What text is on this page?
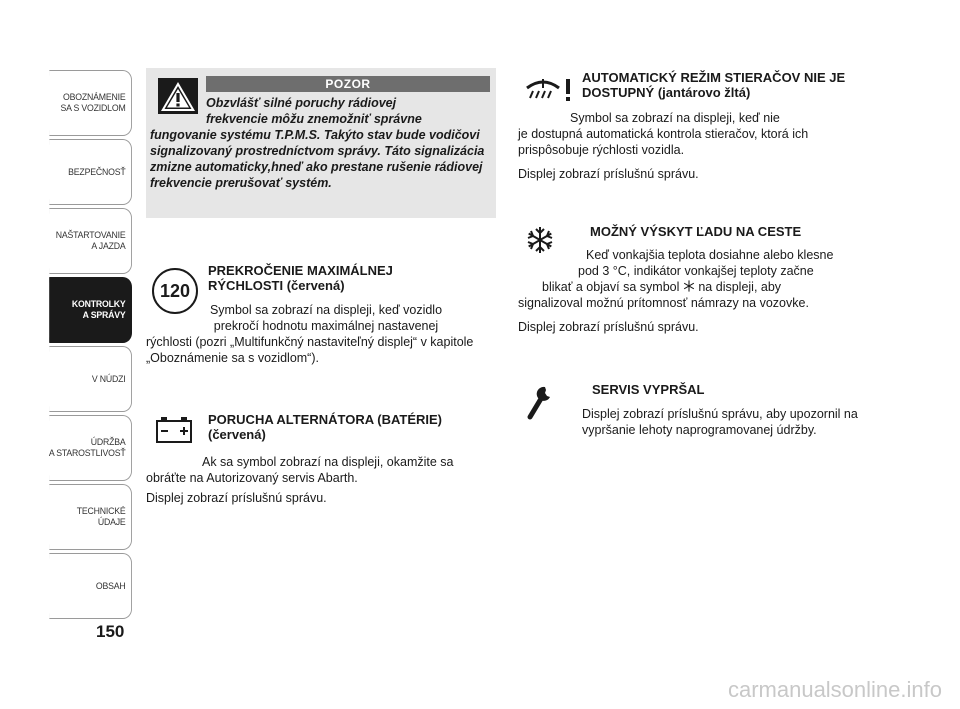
OBOZNÁMENIE
SA S VOZIDLOM
BEZPEČNOSŤ
NAŠTARTOVANIE
A JAZDA
KONTROLKY
A SPRÁVY
V NÚDZI
ÚDRŽBA
A STAROSTLIVOSŤ
TECHNICKÉ
ÚDAJE
OBSAH
150
POZOR
Obzvlášť silné poruchy rádiovej
frekvencie môžu znemožniť správne
fungovanie systému T.P.M.S. Takýto stav bude vodičovi signalizovaný prostredníctvom správy. Táto signalizácia zmizne automaticky,hneď ako prestane rušenie rádiovej frekvencie prerušovať systém.
120
PREKROČENIE MAXIMÁLNEJ RÝCHLOSTI (červená)
Symbol sa zobrazí na displeji, keď vozidlo prekročí hodnotu maximálnej nastavenej
rýchlosti (pozri „Multifunkčný nastaviteľný displej“ v kapitole „Oboznámenie sa s vozidlom“).
PORUCHA ALTERNÁTORA (BATÉRIE) (červená)
Ak sa symbol zobrazí na displeji, okamžite sa
obráťte na Autorizovaný servis Abarth.
Displej zobrazí príslušnú správu.
AUTOMATICKÝ REŽIM STIERAČOV NIE JE DOSTUPNÝ (jantárovo žltá)
Symbol sa zobrazí na displeji, keď nie
je dostupná automatická kontrola stieračov, ktorá ich prispôsobuje rýchlosti vozidla.
Displej zobrazí príslušnú správu.
MOŽNÝ VÝSKYT ĽADU NA CESTE
Keď vonkajšia teplota dosiahne alebo klesne
pod 3 °C, indikátor vonkajšej teploty začne
blikať a objaví sa symbol na displeji, aby
signalizoval možnú prítomnosť námrazy na vozovke.
Displej zobrazí príslušnú správu.
SERVIS VYPRŠAL
Displej zobrazí príslušnú správu, aby upozornil na vypršanie lehoty naprogramovanej údržby.
carmanualsonline.info
